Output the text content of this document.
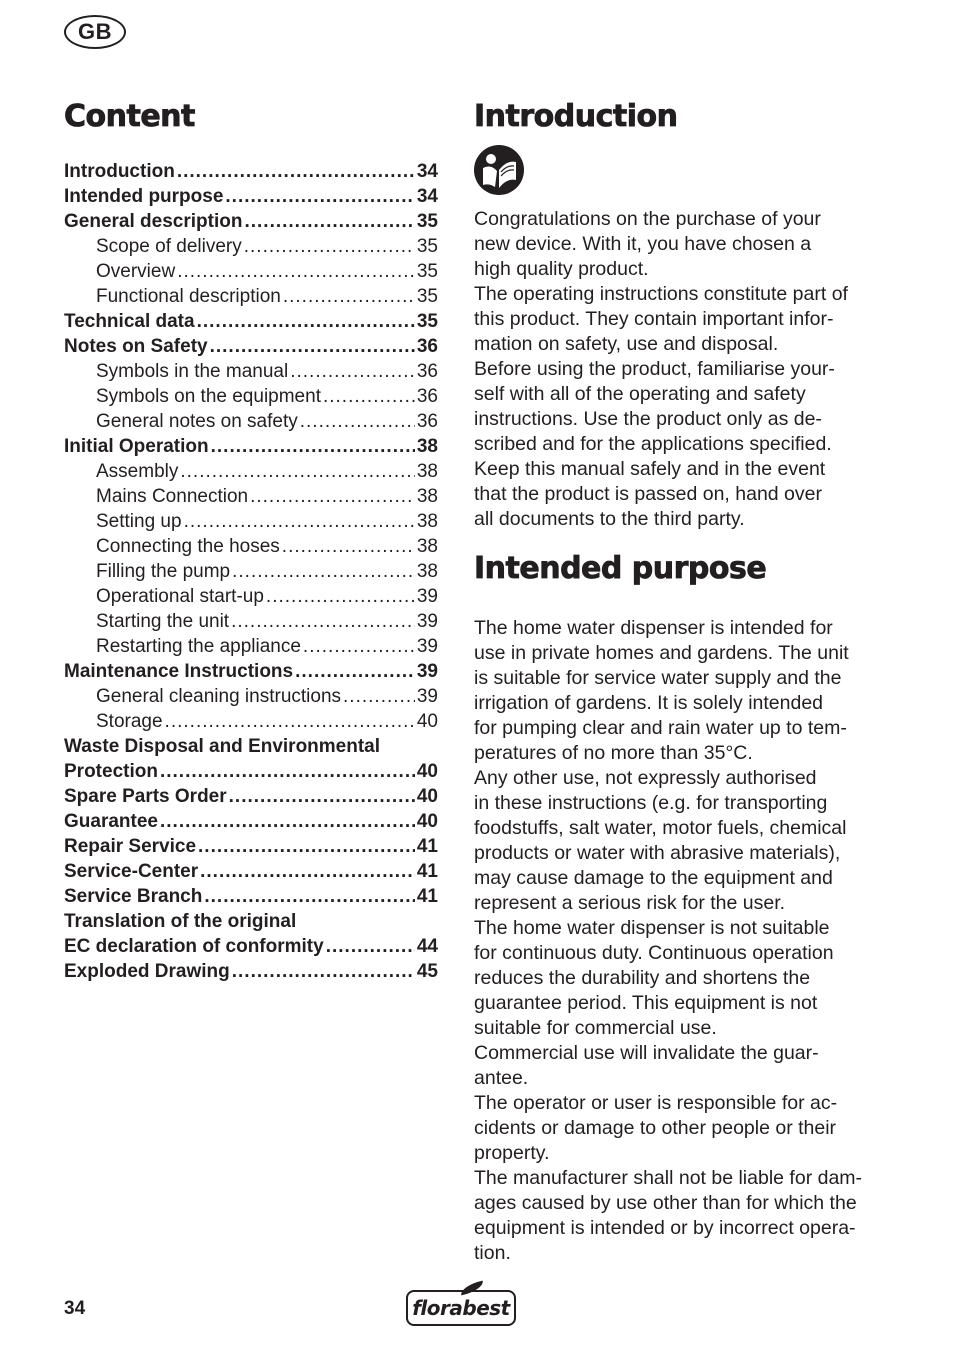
GB
Content
Introduction .....	34
Intended purpose .....	34
General description .....	35
Scope of delivery .....	35
Overview .....	35
Functional description .....	35
Technical data .....	35
Notes on Safety .....	36
Symbols in the manual .....	36
Symbols on the equipment .....	36
General notes on safety .....	36
Initial Operation .....	38
Assembly .....	38
Mains Connection .....	38
Setting up .....	38
Connecting the hoses .....	38
Filling the pump .....	38
Operational start-up .....	39
Starting the unit .....	39
Restarting the appliance .....	39
Maintenance Instructions .....	39
General cleaning instructions .....	39
Storage .....	40
Waste Disposal and Environmental
Protection .....	40
Spare Parts Order .....	40
Guarantee .....	40
Repair Service .....	41
Service-Center .....	41
Service Branch .....	41
Translation of the original
EC declaration of conformity .....	44
Exploded Drawing .....	45
Introduction

Congratulations on the purchase of your
new device. With it, you have chosen a
high quality product.
The operating instructions constitute part of
this product. They contain important infor-
mation on safety, use and disposal.
Before using the product, familiarise your-
self with all of the operating and safety
instructions. Use the product only as de-
scribed and for the applications specified.
Keep this manual safely and in the event
that the product is passed on, hand over
all documents to the third party.

Intended purpose

The home water dispenser is intended for
use in private homes and gardens. The unit
is suitable for service water supply and the
irrigation of gardens. It is solely intended
for pumping clear and rain water up to tem-
peratures of no more than 35°C.
Any other use, not expressly authorised
in these instructions (e.g. for transporting
foodstuffs, salt water, motor fuels, chemical
products or water with abrasive materials),
may cause damage to the equipment and
represent a serious risk for the user.
The home water dispenser is not suitable
for continuous duty. Continuous operation
reduces the durability and shortens the
guarantee period. This equipment is not
suitable for commercial use.
Commercial use will invalidate the guar-
antee.
The operator or user is responsible for ac-
cidents or damage to other people or their
property.
The manufacturer shall not be liable for dam-
ages caused by use other than for which the
equipment is intended or by incorrect opera-
tion.

34	florabest
